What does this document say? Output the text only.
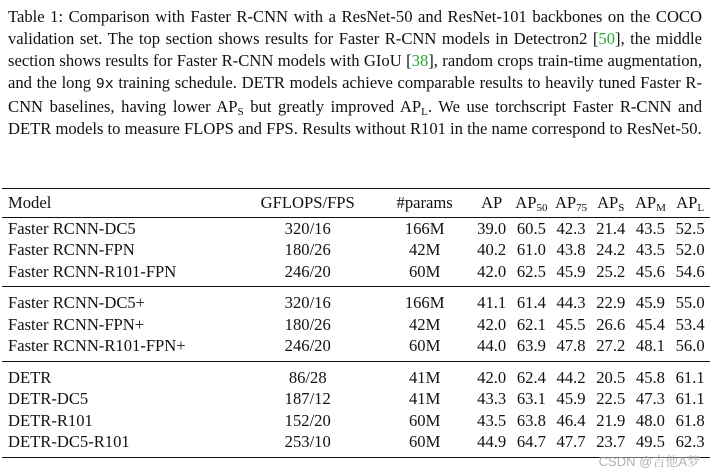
Table 1: Comparison with Faster R-CNN with a ResNet-50 and ResNet-101 backbones on the COCO validation set. The top section shows results for Faster R-CNN models in Detectron2 [50], the middle section shows results for Faster R-CNN models with GIoU [38], random crops train-time augmentation, and the long 9x training schedule. DETR models achieve comparable results to heavily tuned Faster R-CNN baselines, having lower $AP_S$ but greatly improved $AP_L$. We use torchscript Faster R-CNN and DETR models to measure FLOPS and FPS. Results without R101 in the name correspond to ResNet-50.

Model	GFLOPS/FPS	#params	AP	$AP_{50}$	$AP_{75}$	$AP_S$	$AP_M$	$AP_L$
Faster RCNN-DC5	320/16	166M	39.0	60.5	42.3	21.4	43.5	52.5
Faster RCNN-FPN	180/26	42M	40.2	61.0	43.8	24.2	43.5	52.0
Faster RCNN-R101-FPN	246/20	60M	42.0	62.5	45.9	25.2	45.6	54.6
Faster RCNN-DC5+	320/16	166M	41.1	61.4	44.3	22.9	45.9	55.0
Faster RCNN-FPN+	180/26	42M	42.0	62.1	45.5	26.6	45.4	53.4
Faster RCNN-R101-FPN+	246/20	60M	44.0	63.9	47.8	27.2	48.1	56.0
DETR	86/28	41M	42.0	62.4	44.2	20.5	45.8	61.1
DETR-DC5	187/12	41M	43.3	63.1	45.9	22.5	47.3	61.1
DETR-R101	152/20	60M	43.5	63.8	46.4	21.9	48.0	61.8
DETR-DC5-R101	253/10	60M	44.9	64.7	47.7	23.7	49.5	62.3
CSDN @吉他A梦
